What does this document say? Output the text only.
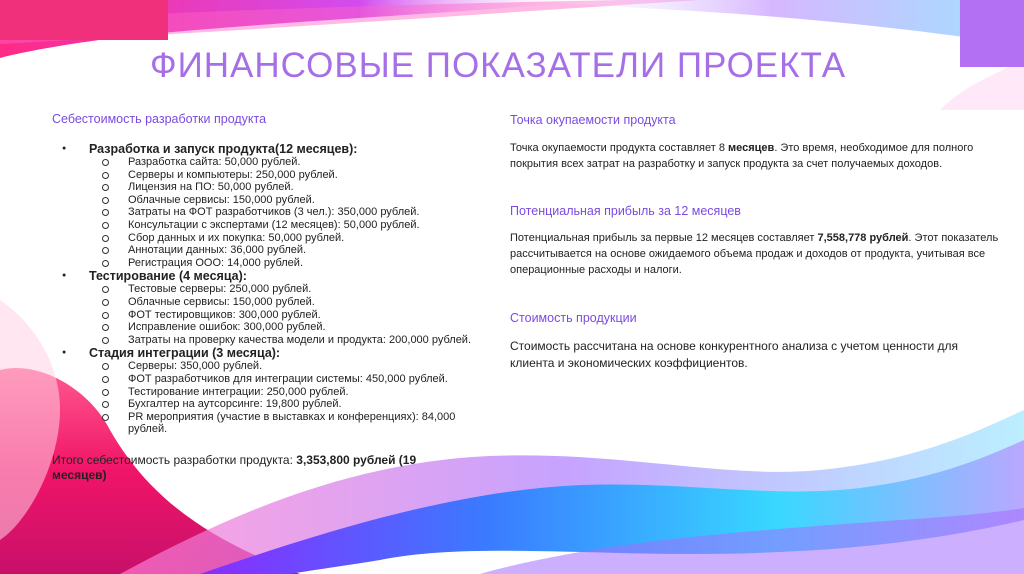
ФИНАНСОВЫЕ ПОКАЗАТЕЛИ ПРОЕКТА
Себестоимость разработки продукта
● Разработка и запуск продукта(12 месяцев):
Разработка сайта: 50,000 рублей.
Серверы и компьютеры: 250,000 рублей.
Лицензия на ПО: 50,000 рублей.
Облачные сервисы: 150,000 рублей.
Затраты на ФОТ разработчиков (3 чел.): 350,000 рублей.
Консультации с экспертами (12 месяцев): 50,000 рублей.
Сбор данных и их покупка: 50,000 рублей.
Аннотации данных: 36,000 рублей.
Регистрация ООО: 14,000 рублей.
● Тестирование (4 месяца):
Тестовые серверы: 250,000 рублей.
Облачные сервисы: 150,000 рублей.
ФОТ тестировщиков: 300,000 рублей.
Исправление ошибок: 300,000 рублей.
Затраты на проверку качества модели и продукта: 200,000 рублей.
● Стадия интеграции (3 месяца):
Серверы: 350,000 рублей.
ФОТ разработчиков для интеграции системы: 450,000 рублей.
Тестирование интеграции: 250,000 рублей.
Бухгалтер на аутсорсинге: 19,800 рублей.
PR мероприятия (участие в выставках и конференциях): 84,000 рублей.
Итого себестоимость разработки продукта: 3,353,800 рублей (19 месяцев)
Точка окупаемости продукта
Точка окупаемости продукта составляет 8 месяцев. Это время, необходимое для полного покрытия всех затрат на разработку и запуск продукта за счет получаемых доходов.
Потенциальная прибыль за 12 месяцев
Потенциальная прибыль за первые 12 месяцев составляет 7,558,778 рублей. Этот показатель рассчитывается на основе ожидаемого объема продаж и доходов от продукта, учитывая все операционные расходы и налоги.
Стоимость продукции
Стоимость рассчитана на основе конкурентного анализа с учетом ценности для клиента и экономических коэффициентов.
